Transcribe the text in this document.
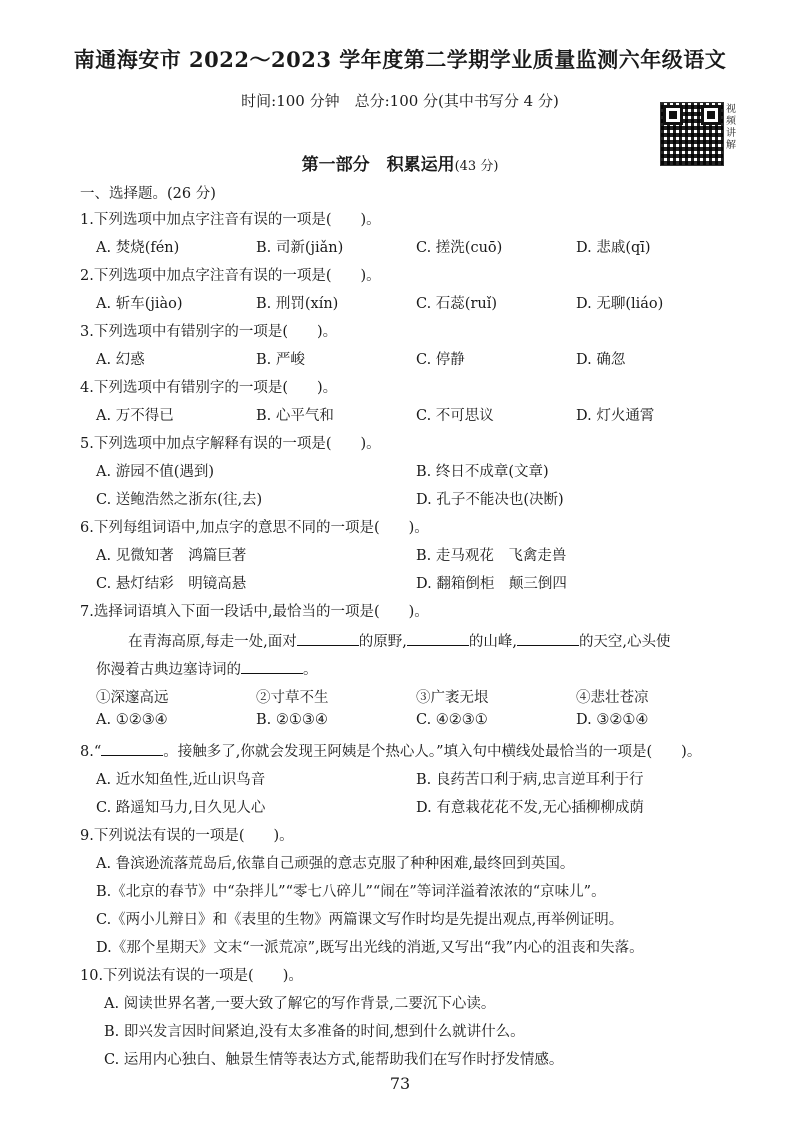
南通海安市 2022～2023 学年度第二学期学业质量监测六年级语文
时间:100 分钟　总分:100 分(其中书写分 4 分)	视频讲解
第一部分　积累运用(43 分)
一、选择题。(26 分)
1.下列选项中加点字注音有误的一项是(　　)。
A. 焚烧(fén)	B. 司新(jiǎn)	C. 搓洗(cuō)	D. 悲戚(qī)
2.下列选项中加点字注音有误的一项是(　　)。
A. 斩车(jiào)	B. 刑罚(xín)	C. 石蕊(ruǐ)	D. 无聊(liáo)
3.下列选项中有错别字的一项是(　　)。
A. 幻惑	B. 严峻	C. 停静	D. 确忽
4.下列选项中有错别字的一项是(　　)。
A. 万不得已	B. 心平气和	C. 不可思议	D. 灯火通霄
5.下列选项中加点字解释有误的一项是(　　)。
A. 游园不值(遇到)	B. 终日不成章(文章)
C. 送鲍浩然之浙东(往,去)	D. 孔子不能决也(决断)
6.下列每组词语中,加点字的意思不同的一项是(　　)。
A. 见微知著　鸿篇巨著	B. 走马观花　飞禽走兽
C. 悬灯结彩　明镜高悬	D. 翻箱倒柜　颠三倒四
7.选择词语填入下面一段话中,最恰当的一项是(　　)。
在青海高原,每走一处,面对	的原野,	的山峰,	的天空,心头使
你漫着古典边塞诗词的	。
①深邃高远	②寸草不生	③广袤无垠	④悲壮苍凉
A. ①②③④	B. ②①③④	C. ④②③①	D. ③②①④
8.“	。接触多了,你就会发现王阿姨是个热心人。”填入句中横线处最恰当的一项是(　　)。
A. 近水知鱼性,近山识鸟音	B. 良药苦口利于病,忠言逆耳利于行
C. 路遥知马力,日久见人心	D. 有意栽花花不发,无心插柳柳成荫
9.下列说法有误的一项是(　　)。
A. 鲁滨逊流落荒岛后,依靠自己顽强的意志克服了种种困难,最终回到英国。
B.《北京的春节》中“杂拌儿”“零七八碎儿”“闹在”等词洋溢着浓浓的“京味儿”。
C.《两小儿辩日》和《表里的生物》两篇课文写作时均是先提出观点,再举例证明。
D.《那个星期天》文末“一派荒凉”,既写出光线的消逝,又写出“我”内心的沮丧和失落。
10.下列说法有误的一项是(　　)。
A. 阅读世界名著,一要大致了解它的写作背景,二要沉下心读。
B. 即兴发言因时间紧迫,没有太多准备的时间,想到什么就讲什么。
C. 运用内心独白、触景生情等表达方式,能帮助我们在写作时抒发情感。
73
